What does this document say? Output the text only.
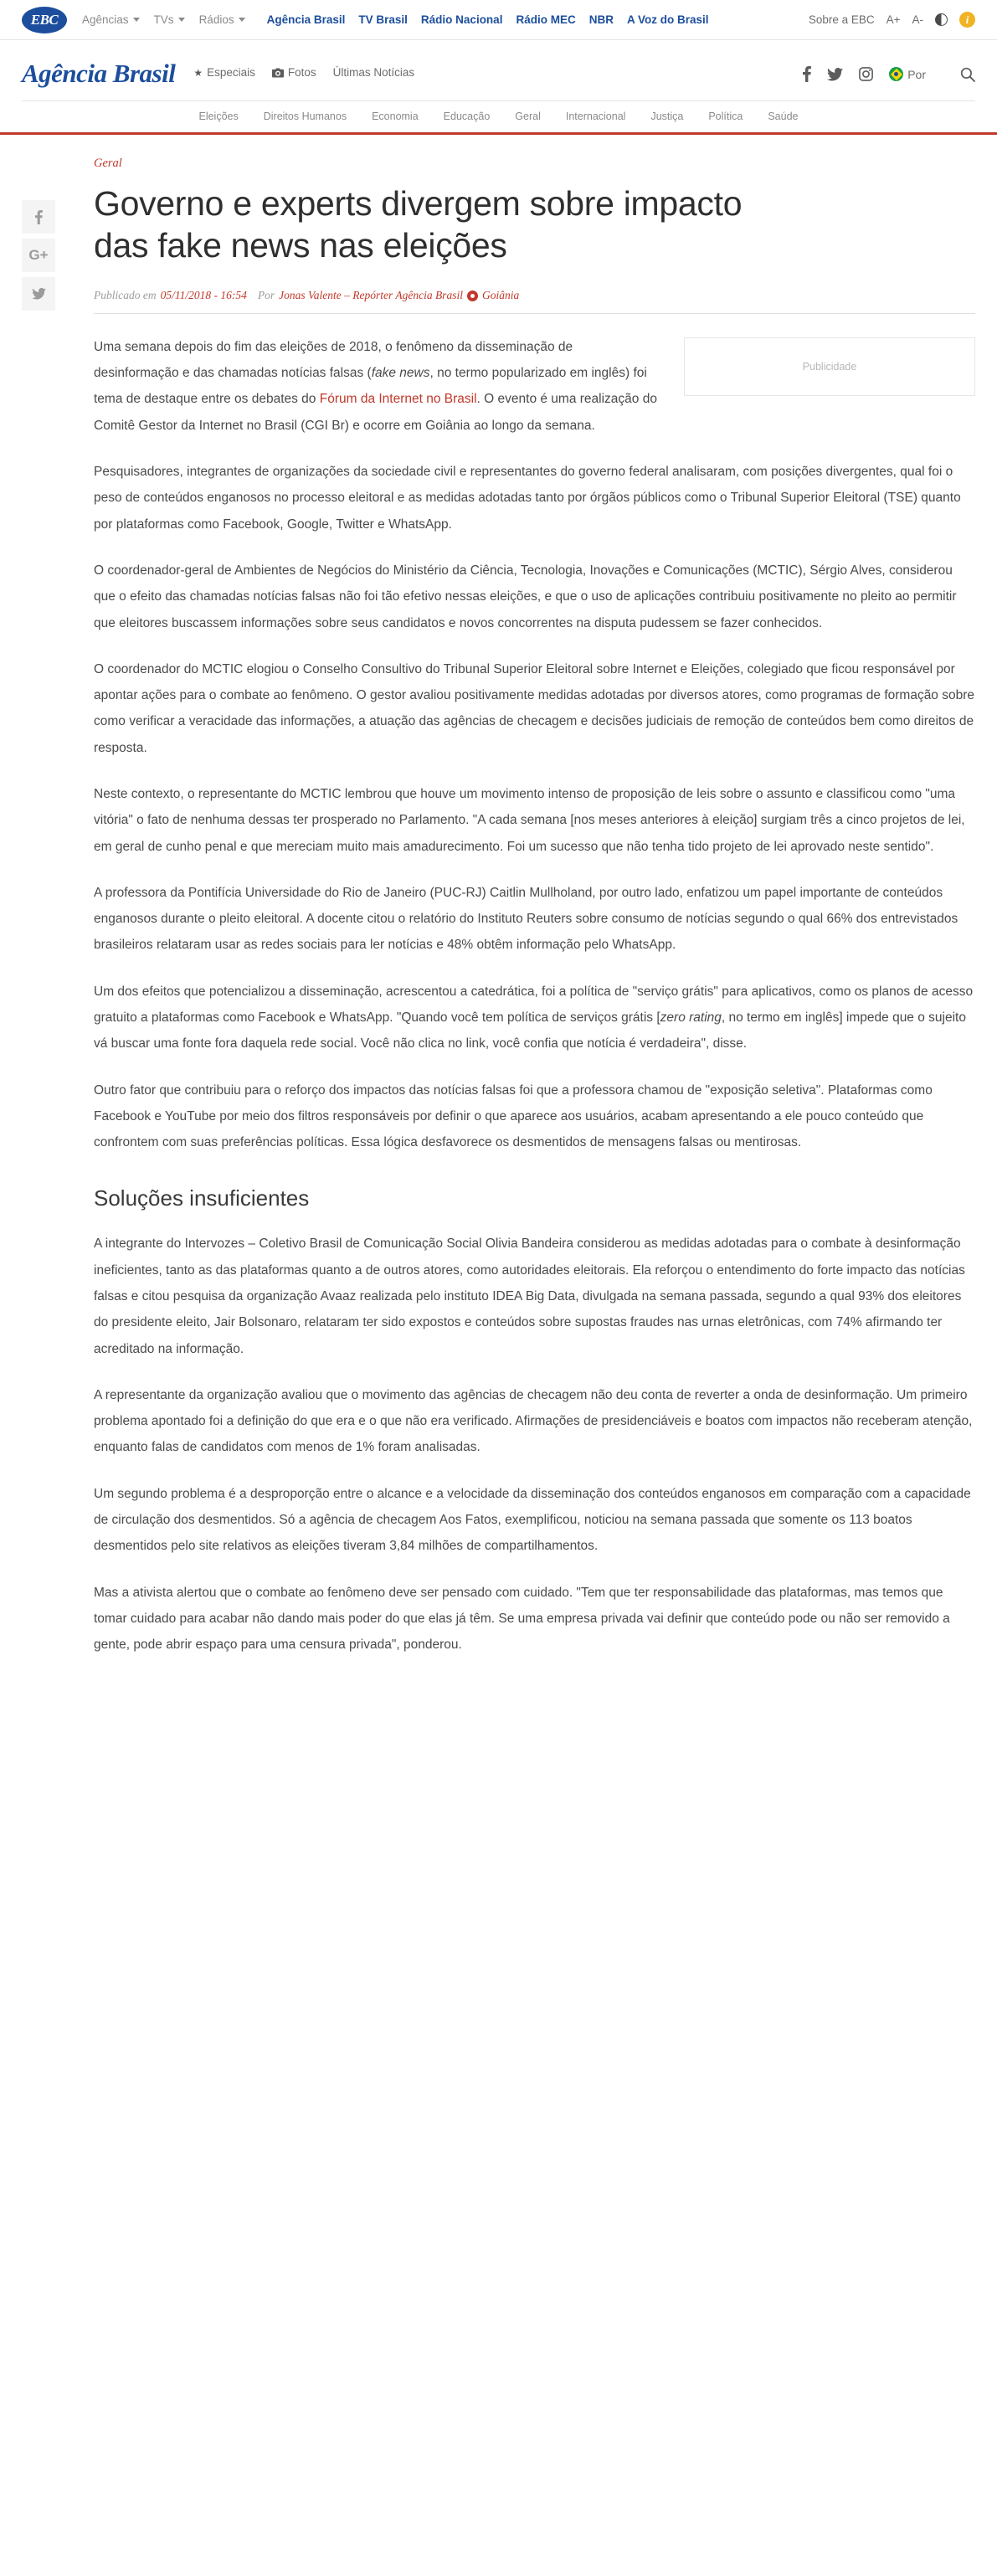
EBC	Agências TVs Rádios	Agência Brasil TV Brasil Rádio Nacional Rádio MEC NBR A Voz do Brasil	Sobre a EBC A+ A-	i
Agência Brasil ★ Especiais	Fotos Últimas Notícias	Por
Eleições Direitos Humanos Economia Educação Geral Internacional Justiça Política Saúde
G+
Geral
Governo e experts divergem sobre impacto das fake news nas eleições
Publicado em 05/11/2018 - 16:54 Por Jonas Valente – Repórter Agência Brasil Goiânia
Publicidade

Uma semana depois do fim das eleições de 2018, o fenômeno da disseminação de desinformação e das chamadas notícias falsas (fake news, no termo popularizado em inglês) foi tema de destaque entre os debates do Fórum da Internet no Brasil. O evento é uma realização do Comitê Gestor da Internet no Brasil (CGI Br) e ocorre em Goiânia ao longo da semana.

Pesquisadores, integrantes de organizações da sociedade civil e representantes do governo federal analisaram, com posições divergentes, qual foi o peso de conteúdos enganosos no processo eleitoral e as medidas adotadas tanto por órgãos públicos como o Tribunal Superior Eleitoral (TSE) quanto por plataformas como Facebook, Google, Twitter e WhatsApp.

O coordenador-geral de Ambientes de Negócios do Ministério da Ciência, Tecnologia, Inovações e Comunicações (MCTIC), Sérgio Alves, considerou que o efeito das chamadas notícias falsas não foi tão efetivo nessas eleições, e que o uso de aplicações contribuiu positivamente no pleito ao permitir que eleitores buscassem informações sobre seus candidatos e novos concorrentes na disputa pudessem se fazer conhecidos.

O coordenador do MCTIC elogiou o Conselho Consultivo do Tribunal Superior Eleitoral sobre Internet e Eleições, colegiado que ficou responsável por apontar ações para o combate ao fenômeno. O gestor avaliou positivamente medidas adotadas por diversos atores, como programas de formação sobre como verificar a veracidade das informações, a atuação das agências de checagem e decisões judiciais de remoção de conteúdos bem como direitos de resposta.

Neste contexto, o representante do MCTIC lembrou que houve um movimento intenso de proposição de leis sobre o assunto e classificou como "uma vitória" o fato de nenhuma dessas ter prosperado no Parlamento. "A cada semana [nos meses anteriores à eleição] surgiam três a cinco projetos de lei, em geral de cunho penal e que mereciam muito mais amadurecimento. Foi um sucesso que não tenha tido projeto de lei aprovado neste sentido".

A professora da Pontifícia Universidade do Rio de Janeiro (PUC-RJ) Caitlin Mullholand, por outro lado, enfatizou um papel importante de conteúdos enganosos durante o pleito eleitoral. A docente citou o relatório do Instituto Reuters sobre consumo de notícias segundo o qual 66% dos entrevistados brasileiros relataram usar as redes sociais para ler notícias e 48% obtêm informação pelo WhatsApp.

Um dos efeitos que potencializou a disseminação, acrescentou a catedrática, foi a política de "serviço grátis" para aplicativos, como os planos de acesso gratuito a plataformas como Facebook e WhatsApp. "Quando você tem política de serviços grátis [zero rating, no termo em inglês] impede que o sujeito vá buscar uma fonte fora daquela rede social. Você não clica no link, você confia que notícia é verdadeira", disse.

Outro fator que contribuiu para o reforço dos impactos das notícias falsas foi que a professora chamou de "exposição seletiva". Plataformas como Facebook e YouTube por meio dos filtros responsáveis por definir o que aparece aos usuários, acabam apresentando a ele pouco conteúdo que confrontem com suas preferências políticas. Essa lógica desfavorece os desmentidos de mensagens falsas ou mentirosas.

Soluções insuficientes

A integrante do Intervozes – Coletivo Brasil de Comunicação Social Olivia Bandeira considerou as medidas adotadas para o combate à desinformação ineficientes, tanto as das plataformas quanto a de outros atores, como autoridades eleitorais. Ela reforçou o entendimento do forte impacto das notícias falsas e citou pesquisa da organização Avaaz realizada pelo instituto IDEA Big Data, divulgada na semana passada, segundo a qual 93% dos eleitores do presidente eleito, Jair Bolsonaro, relataram ter sido expostos e conteúdos sobre supostas fraudes nas urnas eletrônicas, com 74% afirmando ter acreditado na informação.

A representante da organização avaliou que o movimento das agências de checagem não deu conta de reverter a onda de desinformação. Um primeiro problema apontado foi a definição do que era e o que não era verificado. Afirmações de presidenciáveis e boatos com impactos não receberam atenção, enquanto falas de candidatos com menos de 1% foram analisadas.

Um segundo problema é a desproporção entre o alcance e a velocidade da disseminação dos conteúdos enganosos em comparação com a capacidade de circulação dos desmentidos. Só a agência de checagem Aos Fatos, exemplificou, noticiou na semana passada que somente os 113 boatos desmentidos pelo site relativos as eleições tiveram 3,84 milhões de compartilhamentos.

Mas a ativista alertou que o combate ao fenômeno deve ser pensado com cuidado. "Tem que ter responsabilidade das plataformas, mas temos que tomar cuidado para acabar não dando mais poder do que elas já têm. Se uma empresa privada vai definir que conteúdo pode ou não ser removido a gente, pode abrir espaço para uma censura privada", ponderou.
